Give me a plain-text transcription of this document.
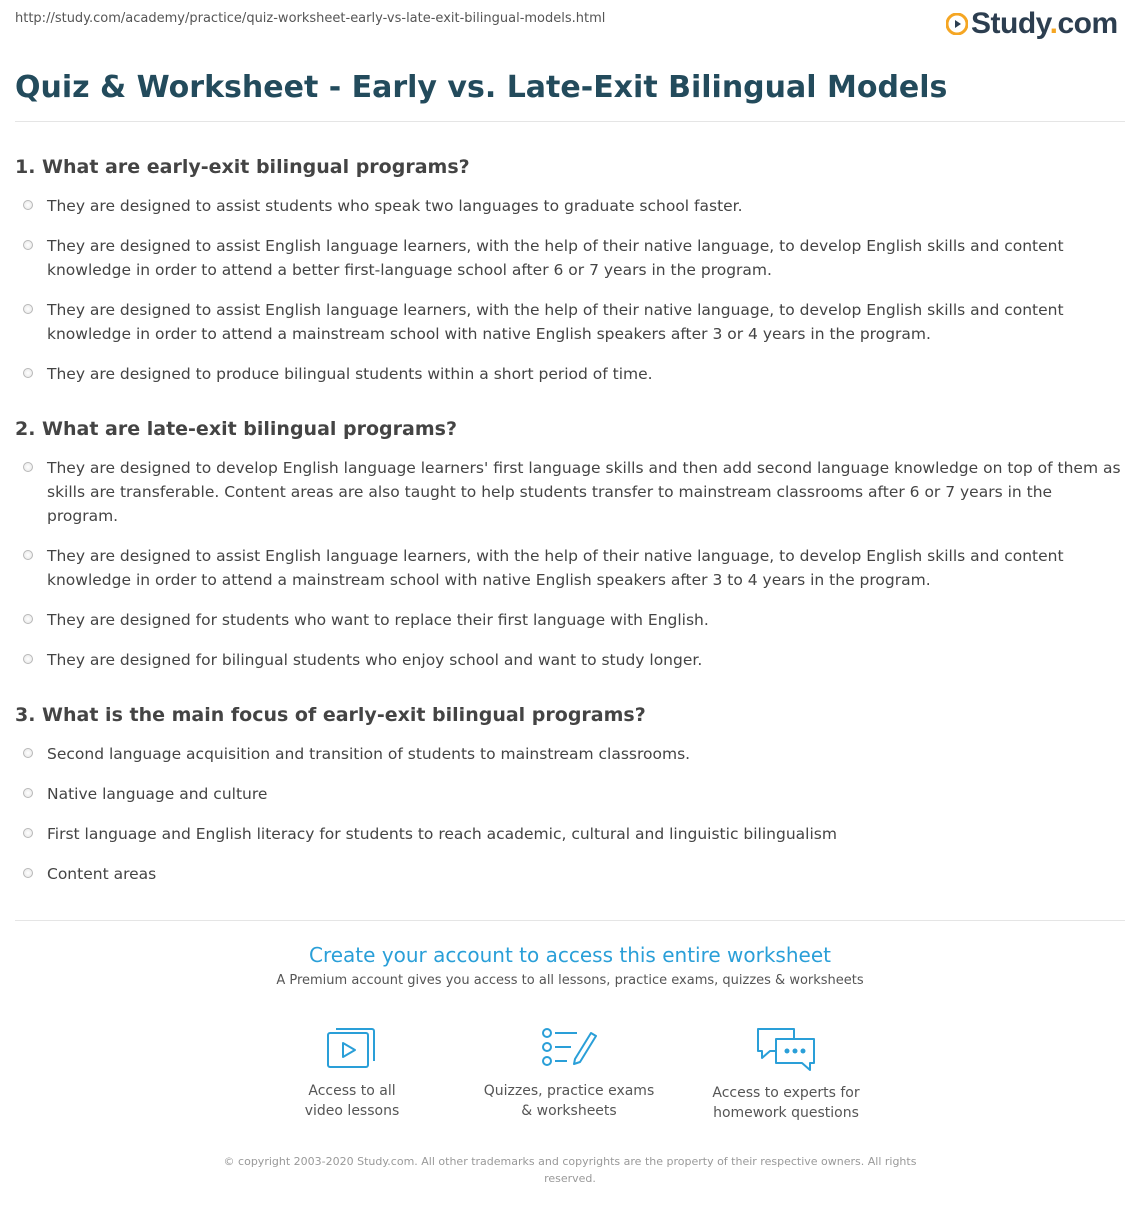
http://study.com/academy/practice/quiz-worksheet-early-vs-late-exit-bilingual-models.html	Study.com
Quiz & Worksheet - Early vs. Late-Exit Bilingual Models
1. What are early-exit bilingual programs?
They are designed to assist students who speak two languages to graduate school faster.
They are designed to assist English language learners, with the help of their native language, to develop English skills and content knowledge in order to attend a better first-language school after 6 or 7 years in the program.
They are designed to assist English language learners, with the help of their native language, to develop English skills and content knowledge in order to attend a mainstream school with native English speakers after 3 or 4 years in the program.
They are designed to produce bilingual students within a short period of time.
2. What are late-exit bilingual programs?
They are designed to develop English language learners' first language skills and then add second language knowledge on top of them as skills are transferable. Content areas are also taught to help students transfer to mainstream classrooms after 6 or 7 years in the program.
They are designed to assist English language learners, with the help of their native language, to develop English skills and content knowledge in order to attend a mainstream school with native English speakers after 3 to 4 years in the program.
They are designed for students who want to replace their first language with English.
They are designed for bilingual students who enjoy school and want to study longer.
3. What is the main focus of early-exit bilingual programs?
Second language acquisition and transition of students to mainstream classrooms.
Native language and culture
First language and English literacy for students to reach academic, cultural and linguistic bilingualism
Content areas
Create your account to access this entire worksheet
A Premium account gives you access to all lessons, practice exams, quizzes & worksheets
Access to all
video lessons
Quizzes, practice exams
& worksheets
Access to experts for
homework questions
© copyright 2003-2020 Study.com. All other trademarks and copyrights are the property of their respective owners. All rights reserved.
